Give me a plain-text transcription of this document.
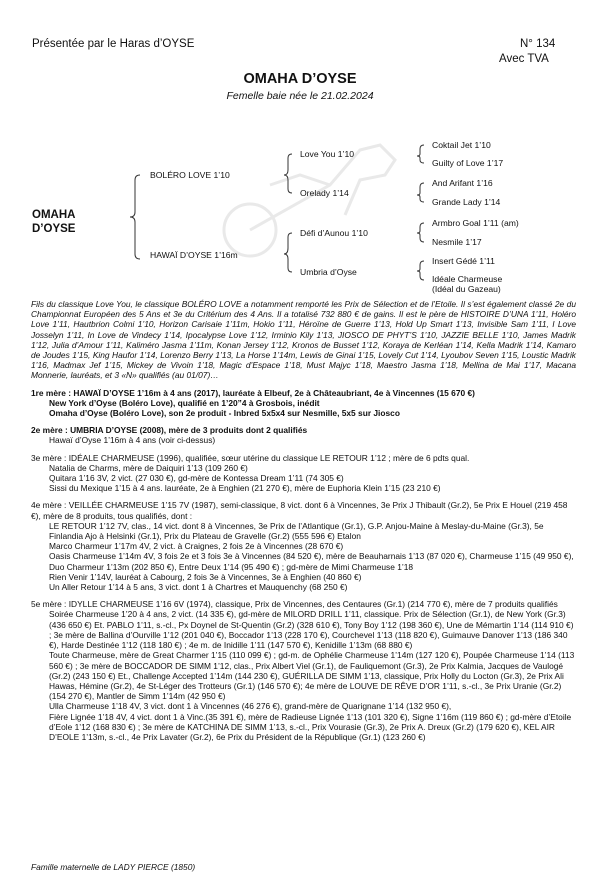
Présentée par le Haras d’OYSE	N° 134
Avec TVA
OMAHA D’OYSE
Femelle baie née le 21.02.2024
OMAHA
D’OYSE
BOLÉRO LOVE 1’10
HAWAÏ D’OYSE 1’16m
Love You 1’10
Orelady 1’14
Défi d’Aunou 1’10
Umbria d’Oyse
Coktail Jet 1’10
Guilty of Love 1’17
And Arifant 1’16
Grande Lady 1’14
Armbro Goal 1’11 (am)
Nesmile 1’17
Insert Gédé 1’11
Idéale Charmeuse
(Idéal du Gazeau)

Fils du classique Love You, le classique BOLÉRO LOVE a notamment remporté les Prix de Sélection et de l’Etoile. Il s’est également classé 2e du Championnat Européen des 5 Ans et 3e du Critérium des 4 Ans. Il a totalisé 732 880 € de gains. Il est le père de HISTOIRE D’UNA 1’11, Holéro Love 1’11, Hautbrion Colmi 1’10, Horizon Carisaie 1’11m, Hokio 1’11, Héroïne de Guerre 1’13, Hold Up Smart 1’13, Invisible Sam 1’11, I Love Josselyn 1’11, In Love de Vindecy 1’14, Ipocalypse Love 1’12, Irminio Kily 1’13, JIOSCO DE PHYT’S 1’10, JAZZIE BELLE 1’10, James Madrik 1’12, Julia d’Amour 1’11, Kaliméro Jasma 1’11m, Konan Jersey 1’12, Kronos de Busset 1’12, Koraya de Kerléan 1’14, Kella Madrik 1’14, Kamaro de Joudes 1’15, King Haufor 1’14, Lorenzo Berry 1’13, La Horse 1’14m, Lewis de Ginai 1’15, Lovely Cut 1’14, Lyoubov Seven 1’15, Loustic Madrik 1’16, Madmax Jef 1’15, Mickey de Vivoin 1’18, Magic d’Espace 1’18, Must Majyc 1’18, Maestro Jasma 1’18, Mellina de Mai 1’17, Macana Monnerie, lauréats, et 3 «N» qualifiés (au 01/07)…

1re mère : HAWAÏ D’OYSE 1’16m à 4 ans (2017), lauréate à Elbeuf, 2e à Châteaubriant, 4e à Vincennes (15 670 €)

New York d’Oyse (Boléro Love), qualifié en 1’20”4 à Grosbois, inédit

Omaha d’Oyse (Boléro Love), son 2e produit - Inbred 5x5x4 sur Nesmille, 5x5 sur Jiosco

2e mère : UMBRIA D’OYSE (2008), mère de 3 produits dont 2 qualifiés

Hawaï d’Oyse 1’16m à 4 ans (voir ci-dessus)

3e mère : IDÉALE CHARMEUSE (1996), qualifiée, sœur utérine du classique LE RETOUR 1’12 ; mère de 6 pdts qual.

Natalia de Charms, mère de Daiquiri 1’13 (109 260 €)

Quitara 1’16 3V, 2 vict. (27 030 €), gd-mère de Kontessa Dream 1’11 (74 305 €)

Sissi du Mexique 1’15 à 4 ans. lauréate, 2e à Enghien (21 270 €), mère de Euphoria Klein 1’15 (23 210 €)

4e mère : VEILLÉE CHARMEUSE 1’15 7V (1987), semi-classique, 8 vict. dont 6 à Vincennes, 3e Prix J Thibault (Gr.2), 5e Prix E Houel (219 458 €), mère de 8 produits, tous qualifiés, dont :

LE RETOUR 1’12 7V, clas., 14 vict. dont 8 à Vincennes, 3e Prix de l’Atlantique (Gr.1), G.P. Anjou-Maine à Meslay-du-Maine (Gr.3), 5e Finlandia Ajo à Helsinki (Gr.1), Prix du Plateau de Gravelle (Gr.2) (555 596 €) Etalon

Marco Charmeur 1’17m 4V, 2 vict. à Craignes, 2 fois 2e à Vincennes (28 670 €)

Oasis Charmeuse 1’14m 4V, 3 fois 2e et 3 fois 3e à Vincennes (84 520 €), mère de Beauharnais 1’13 (87 020 €), Charmeuse 1’15 (49 950 €), Duo Charmeur 1’13m (202 850 €), Entre Deux 1’14 (95 490 €) ; gd-mère de Mimi Charmeuse 1’18

Rien Venir 1’14V, lauréat à Cabourg, 2 fois 3e à Vincennes, 3e à Enghien (40 860 €)

Un Aller Retour 1’14 à 5 ans, 3 vict. dont 1 à Chartres et Mauquenchy (68 250 €)

5e mère : IDYLLE CHARMEUSE 1’16 6V (1974), classique, Prix de Vincennes, des Centaures (Gr.1) (214 770 €), mère de 7 produits qualifiés

Soirée Charmeuse 1’20 à 4 ans, 2 vict. (14 335 €), gd-mère de MILORD DRILL 1’11, classique. Prix de Sélection (Gr.1), de New York (Gr.3) (436 650 €) Et. PABLO 1’11, s.-cl., Px Doynel de St-Quentin (Gr.2) (328 610 €), Tony Boy 1’12 (198 360 €), Une de Mémartin 1’14 (114 910 €) ; 3e mère de Ballina d’Ourville 1’12 (201 040 €), Boccador 1’13 (228 170 €), Courchevel 1’13 (118 820 €), Guimauve Danover 1’13 (186 340 €), Harde Destinée 1’12 (118 180 €) ; 4e m. de Inidille 1’11 (147 570 €), Kenidille 1’13m (68 880 €)

Toute Charmeuse, mère de Great Charmer 1’15 (110 099 €) ; gd-m. de Ophélie Charmeuse 1’14m (127 120 €), Poupée Charmeuse 1’14 (113 560 €) ; 3e mère de BOCCADOR DE SIMM 1’12, clas., Prix Albert Viel (Gr.1), de Fauliquemont (Gr.3), 2e Prix Kalmia, Jacques de Vaulogé (Gr.2) (243 150 €) Et., Challenge Accepted 1’14m (144 230 €), GUÉRILLA DE SIMM 1’13, classique, Prix Holly du Locton (Gr.3), 2e Prix Ali Hawas, Hémine (Gr.2), 4e St-Léger des Trotteurs (Gr.1) (146 570 €); 4e mère de LOUVE DE RÊVE D’OR 1’11, s.-cl., 3e Prix Uranie (Gr.2) (154 270 €), Mantler de Simm 1’14m (42 950 €)

Ulla Charmeuse 1’18 4V, 3 vict. dont 1 à Vincennes (46 276 €), grand-mère de Quarignane 1’14 (132 950 €),

Fière Lignée 1’18 4V, 4 vict. dont 1 à Vinc.(35 391 €), mère de Radieuse Lignée 1’13 (101 320 €), Signe 1’16m (119 860 €) ; gd-mère d’Etoile d’Eole 1’12 (168 830 €) ; 3e mère de KATCHINA DE SIMM 1’13, s.-cl., Prix Vourasie (Gr.3), 2e Prix A. Dreux (Gr.2) (179 620 €), KEL AIR D’EOLE 1’13m, s.-cl., 4e Prix Lavater (Gr.2), 6e Prix du Président de la République (Gr.1) (123 260 €)

Famille maternelle de LADY PIERCE (1850)
